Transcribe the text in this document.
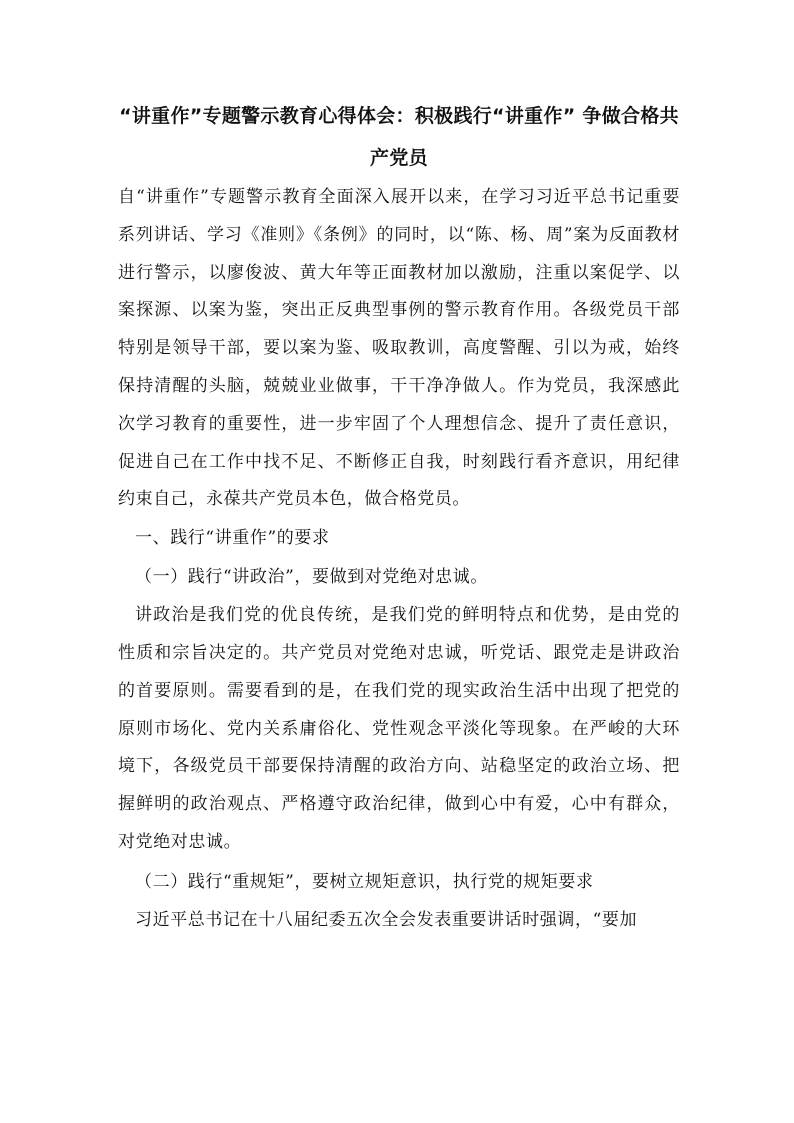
“讲重作”专题警示教育心得体会：积极践行“讲重作” 争做合格共产党员

自“讲重作”专题警示教育全面深入展开以来，在学习习近平总书记重要系列讲话、学习《准则》《条例》的同时，以“陈、杨、周”案为反面教材进行警示，以廖俊波、黄大年等正面教材加以激励，注重以案促学、以案探源、以案为鉴，突出正反典型事例的警示教育作用。各级党员干部特别是领导干部，要以案为鉴、吸取教训，高度警醒、引以为戒，始终保持清醒的头脑，兢兢业业做事，干干净净做人。作为党员，我深感此次学习教育的重要性，进一步牢固了个人理想信念、提升了责任意识，促进自己在工作中找不足、不断修正自我，时刻践行看齐意识，用纪律约束自己，永葆共产党员本色，做合格党员。

一、践行“讲重作”的要求

（一）践行“讲政治”，要做到对党绝对忠诚。

讲政治是我们党的优良传统，是我们党的鲜明特点和优势，是由党的性质和宗旨决定的。共产党员对党绝对忠诚，听党话、跟党走是讲政治的首要原则。需要看到的是，在我们党的现实政治生活中出现了把党的原则市场化、党内关系庸俗化、党性观念平淡化等现象。在严峻的大环境下，各级党员干部要保持清醒的政治方向、站稳坚定的政治立场、把握鲜明的政治观点、严格遵守政治纪律，做到心中有爱，心中有群众，对党绝对忠诚。

（二）践行“重规矩”，要树立规矩意识，执行党的规矩要求

习近平总书记在十八届纪委五次全会发表重要讲话时强调，“要加
